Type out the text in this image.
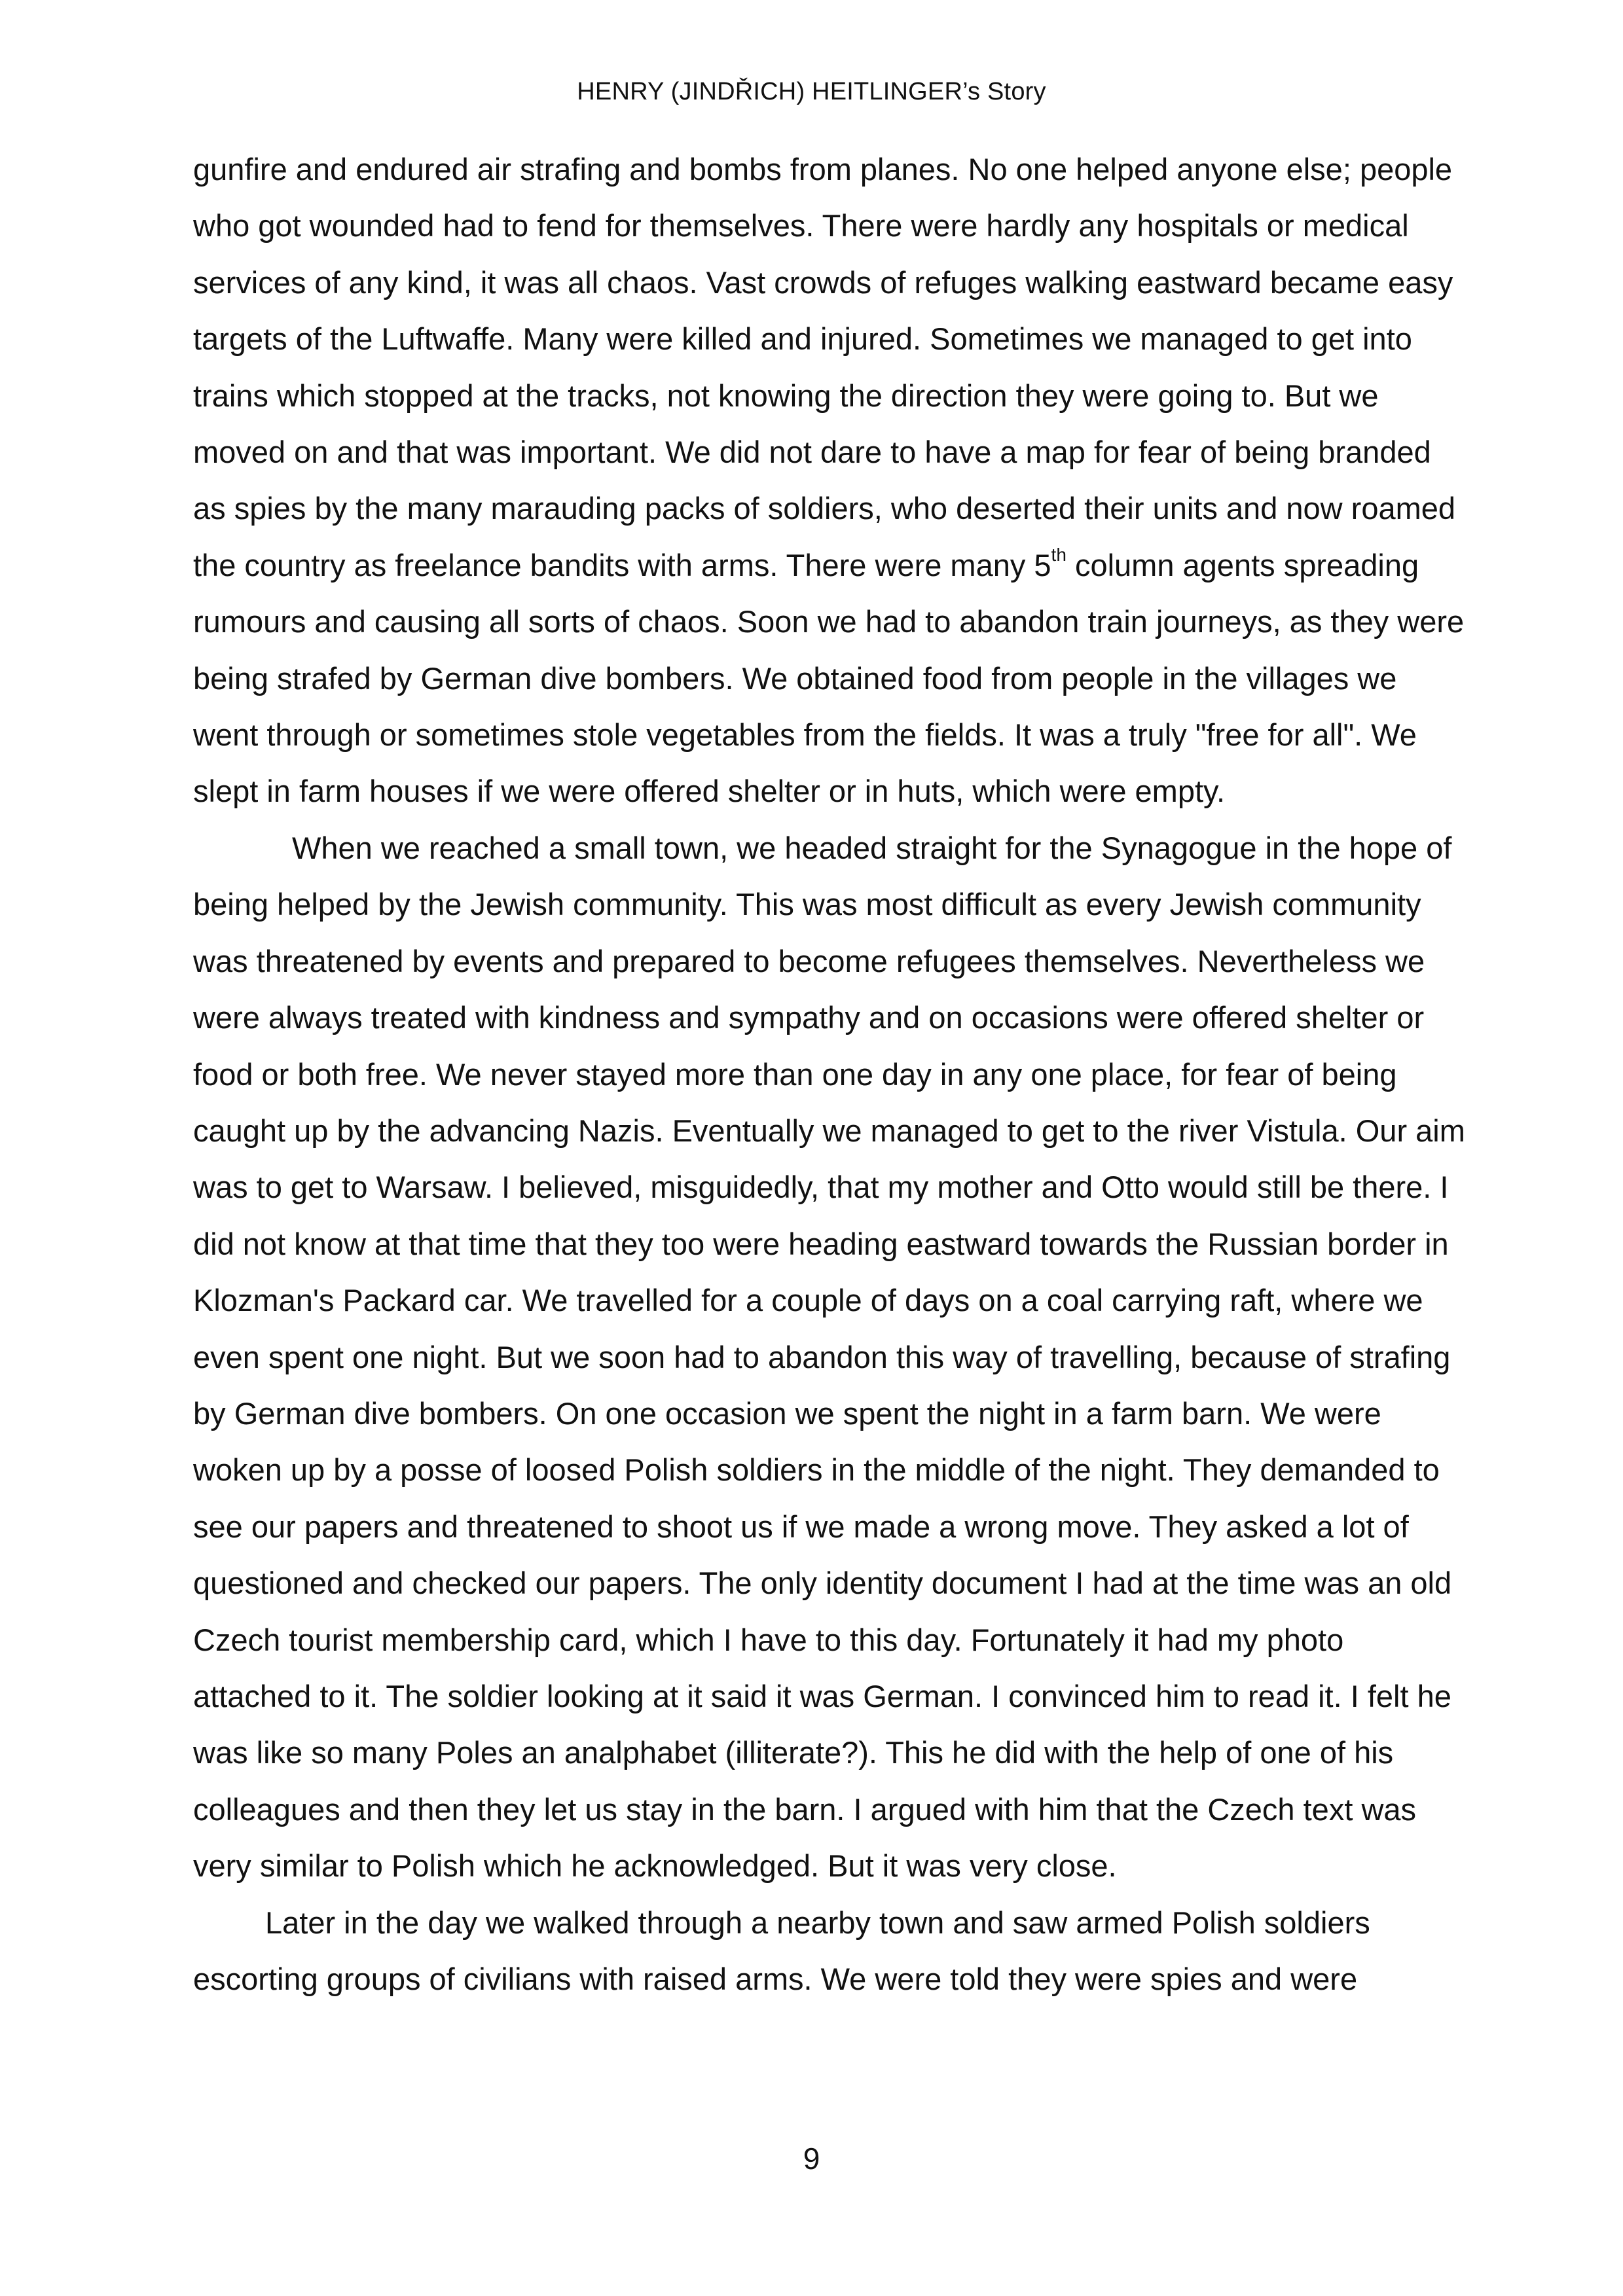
HENRY (JINDŘICH) HEITLINGER’s Story

gunfire and endured air strafing and bombs from planes. No one helped anyone else; people who got wounded had to fend for themselves. There were hardly any hospitals or medical services of any kind, it was all chaos. Vast crowds of refuges walking eastward became easy targets of the Luftwaffe. Many were killed and injured. Sometimes we managed to get into trains which stopped at the tracks, not knowing the direction they were going to. But we moved on and that was important. We did not dare to have a map for fear of being branded as spies by the many marauding packs of soldiers, who deserted their units and now roamed the country as freelance bandits with arms. There were many 5th column agents spreading rumours and causing all sorts of chaos. Soon we had to abandon train journeys, as they were being strafed by German dive bombers. We obtained food from people in the villages we went through or sometimes stole vegetables from the fields. It was a truly "free for all". We slept in farm houses if we were offered shelter or in huts, which were empty.

When we reached a small town, we headed straight for the Synagogue in the hope of being helped by the Jewish community. This was most difficult as every Jewish community was threatened by events and prepared to become refugees themselves. Nevertheless we were always treated with kindness and sympathy and on occasions were offered shelter or food or both free. We never stayed more than one day in any one place, for fear of being caught up by the advancing Nazis. Eventually we managed to get to the river Vistula. Our aim was to get to Warsaw. I believed, misguidedly, that my mother and Otto would still be there. I did not know at that time that they too were heading eastward towards the Russian border in Klozman's Packard car. We travelled for a couple of days on a coal carrying raft, where we even spent one night. But we soon had to abandon this way of travelling, because of strafing by German dive bombers. On one occasion we spent the night in a farm barn. We were woken up by a posse of loosed Polish soldiers in the middle of the night. They demanded to see our papers and threatened to shoot us if we made a wrong move. They asked a lot of questioned and checked our papers. The only identity document I had at the time was an old Czech tourist membership card, which I have to this day. Fortunately it had my photo attached to it. The soldier looking at it said it was German. I convinced him to read it. I felt he was like so many Poles an analphabet (illiterate?). This he did with the help of one of his colleagues and then they let us stay in the barn. I argued with him that the Czech text was very similar to Polish which he acknowledged. But it was very close.

Later in the day we walked through a nearby town and saw armed Polish soldiers escorting groups of civilians with raised arms. We were told they were spies and were

9
